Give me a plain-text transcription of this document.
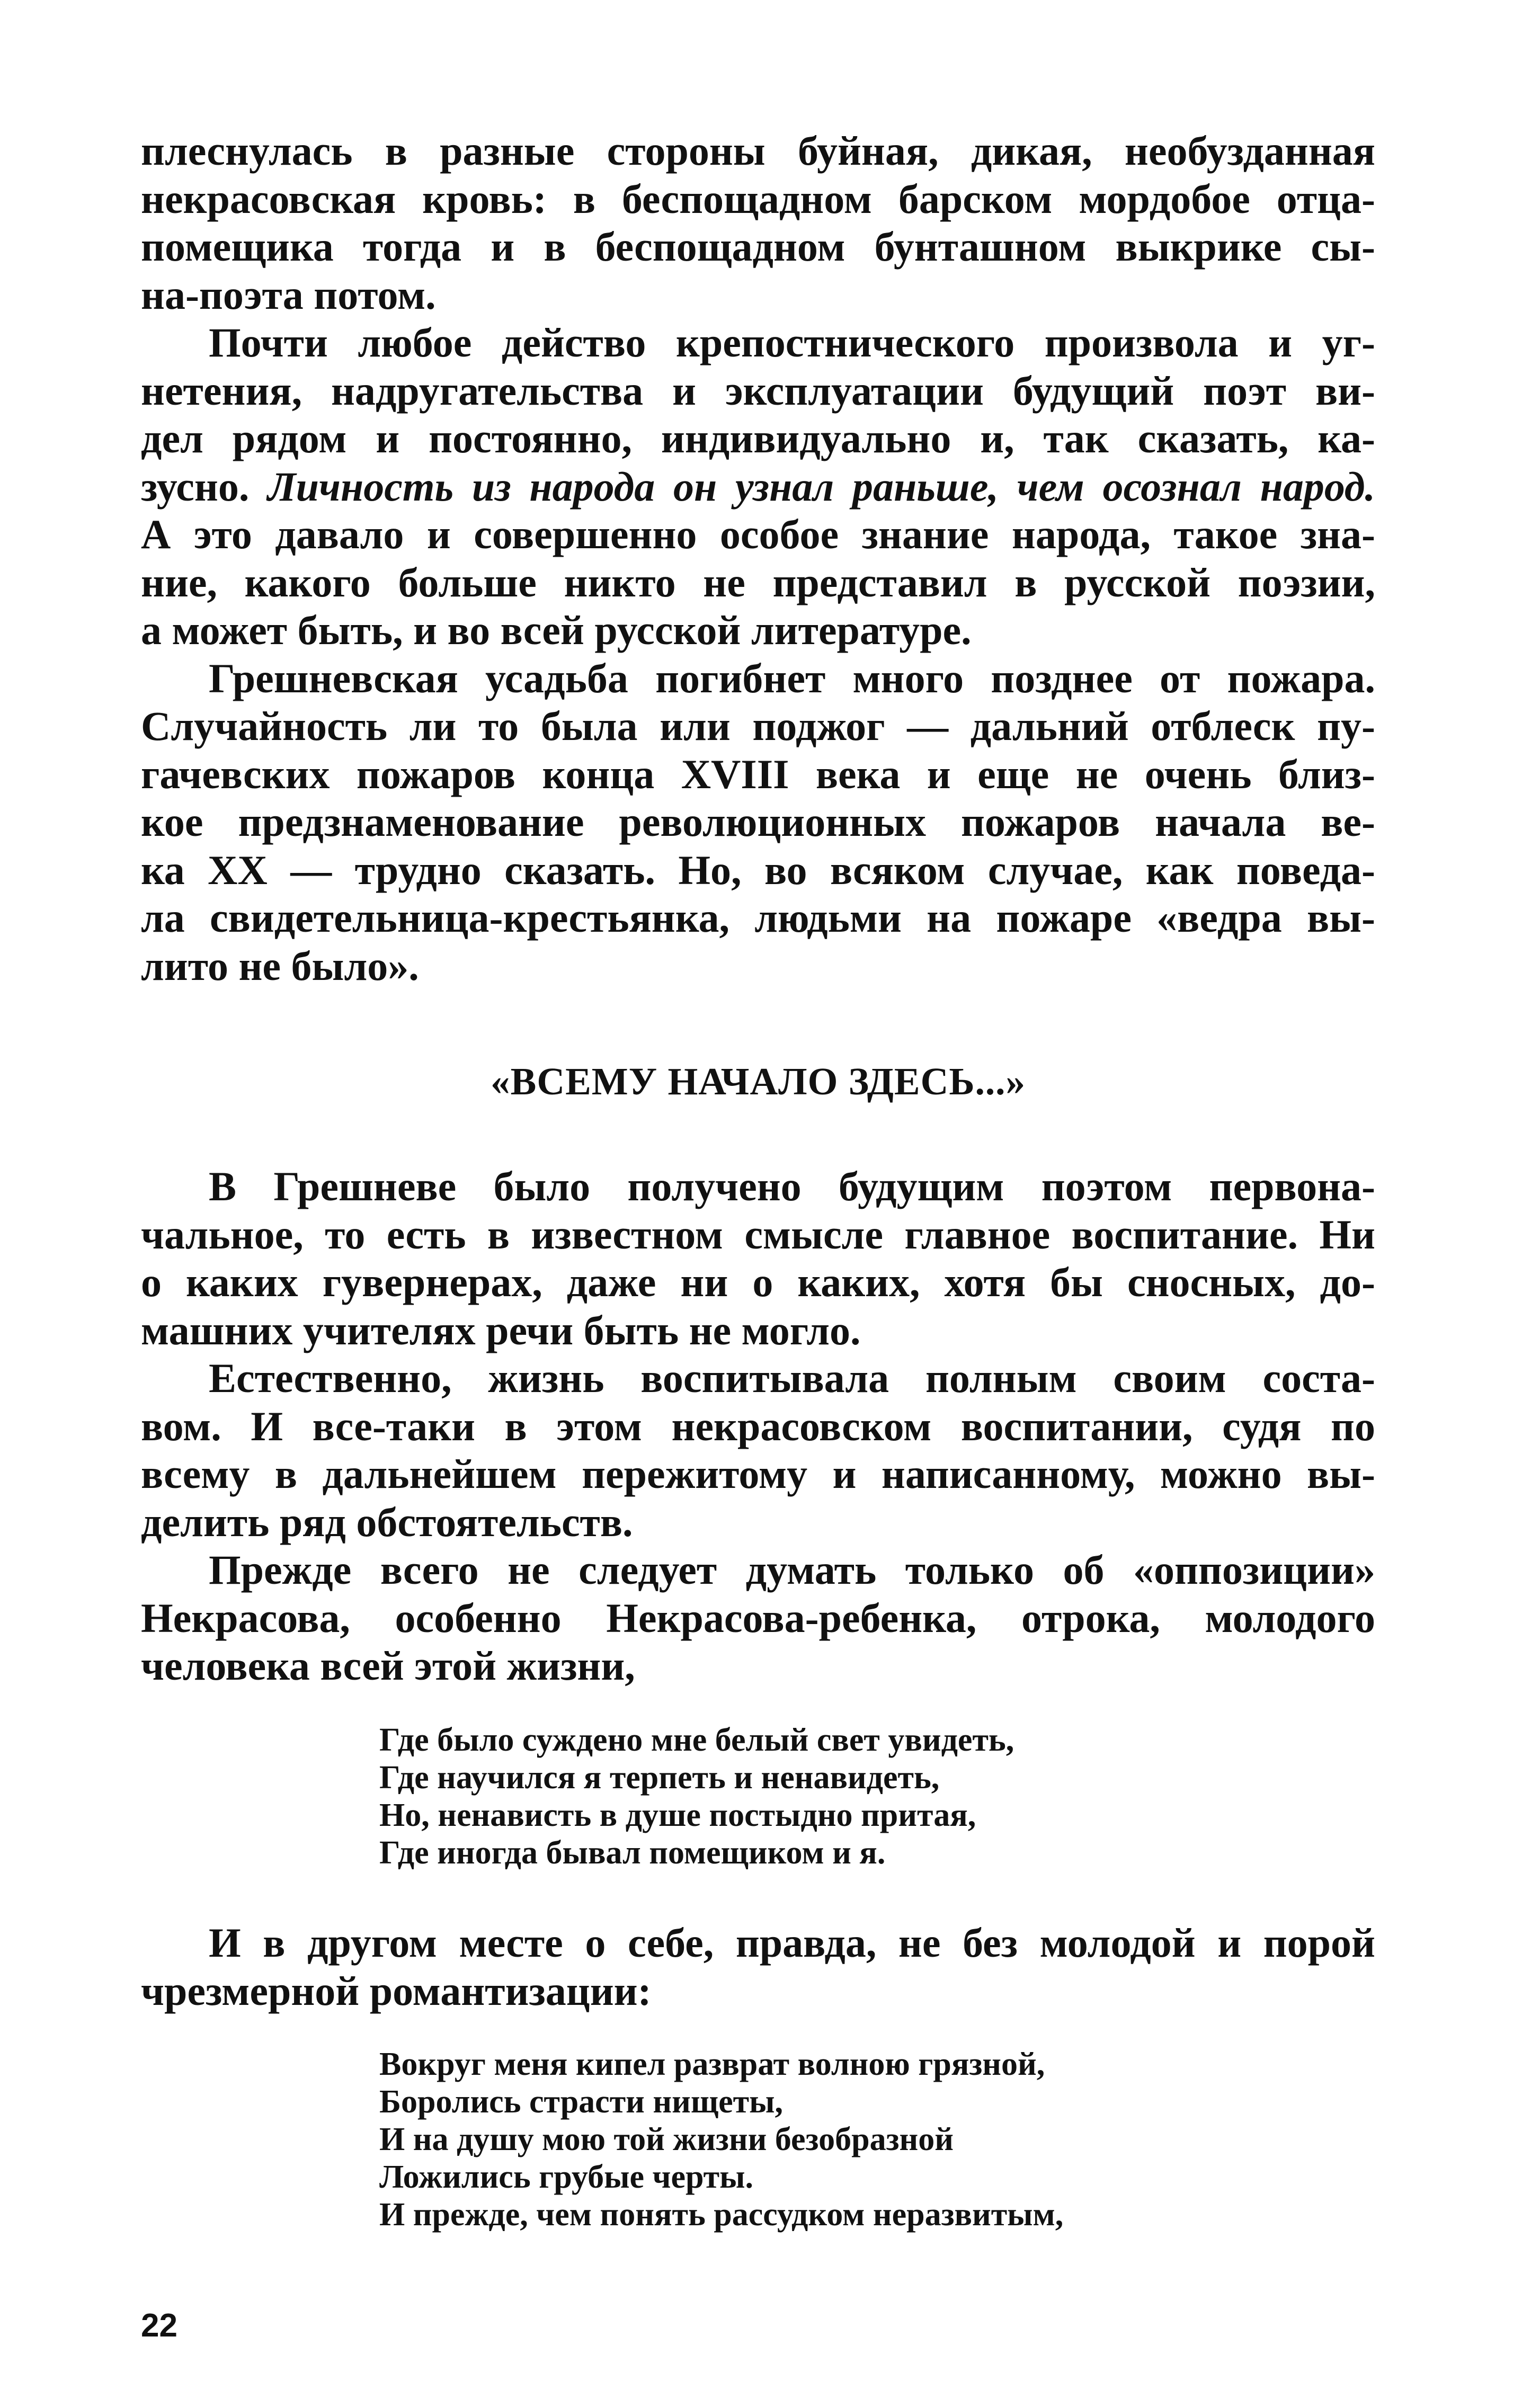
плеснулась в разные стороны буйная, дикая, необузданная
некрасовская кровь: в беспощадном барском мордобое отца-
помещика тогда и в беспощадном бунташном выкрике сы-
на-поэта потом.

Почти любое действо крепостнического произвола и уг-
нетения, надругательства и эксплуатации будущий поэт ви-
дел рядом и постоянно, индивидуально и, так сказать, ка-
зусно. Личность из народа он узнал раньше, чем осознал народ.
А это давало и совершенно особое знание народа, такое зна-
ние, какого больше никто не представил в русской поэзии,
а может быть, и во всей русской литературе.

Грешневская усадьба погибнет много позднее от пожара.
Случайность ли то была или поджог — дальний отблеск пу-
гачевских пожаров конца XVIII века и еще не очень близ-
кое предзнаменование революционных пожаров начала ве-
ка XX — трудно сказать. Но, во всяком случае, как поведа-
ла свидетельница-крестьянка, людьми на пожаре «ведра вы-
лито не было».

«ВСЕМУ НАЧАЛО ЗДЕСЬ...»

В Грешневе было получено будущим поэтом первона-
чальное, то есть в известном смысле главное воспитание. Ни
о каких гувернерах, даже ни о каких, хотя бы сносных, до-
машних учителях речи быть не могло.

Естественно, жизнь воспитывала полным своим соста-
вом. И все-таки в этом некрасовском воспитании, судя по
всему в дальнейшем пережитому и написанному, можно вы-
делить ряд обстоятельств.

Прежде всего не следует думать только об «оппозиции»
Некрасова, особенно Некрасова-ребенка, отрока, молодого
человека всей этой жизни,

Где было суждено мне белый свет увидеть,
Где научился я терпеть и ненавидеть,
Но, ненависть в душе постыдно притая,
Где иногда бывал помещиком и я.

И в другом месте о себе, правда, не без молодой и порой
чрезмерной романтизации:

Вокруг меня кипел разврат волною грязной,
Боролись страсти нищеты,
И на душу мою той жизни безобразной
Ложились грубые черты.
И прежде, чем понять рассудком неразвитым,
22
